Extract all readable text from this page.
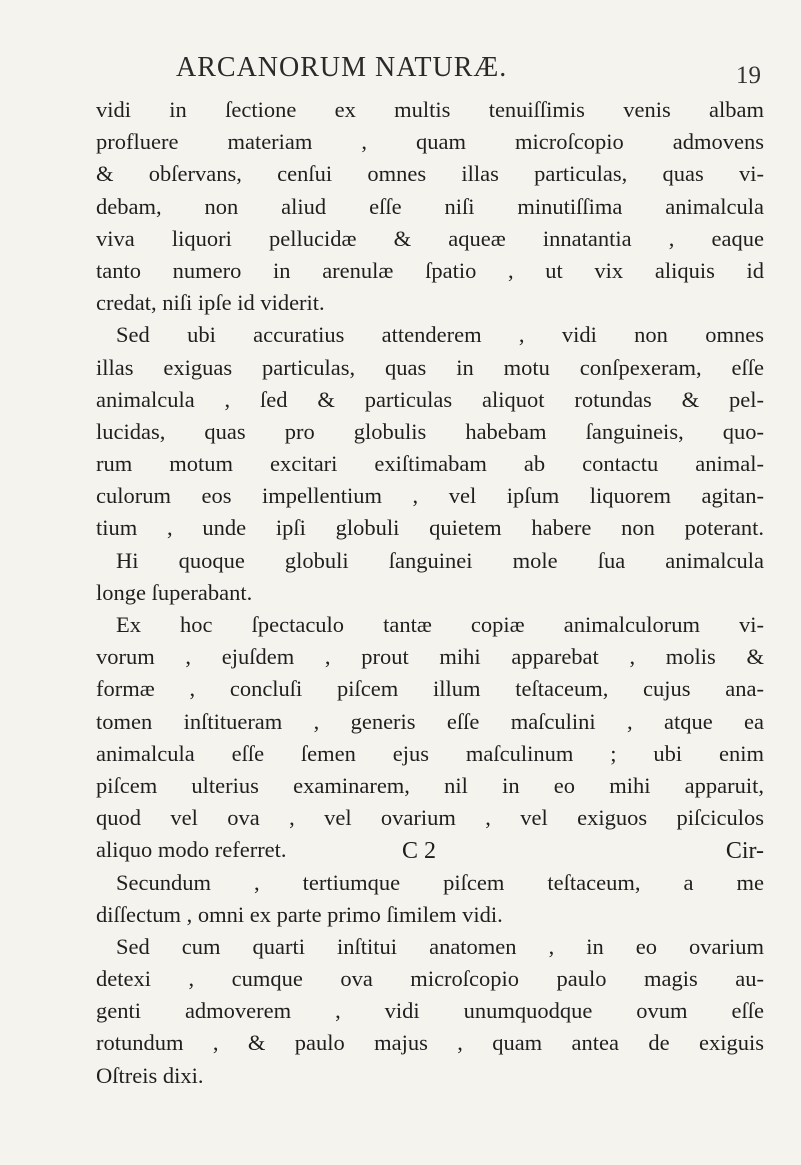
ARCANORUM NATURÆ.	19
vidi in ſectione ex multis tenuiſſimis venis albam
profluere materiam , quam microſcopio admovens
& obſervans, cenſui omnes illas particulas, quas vi-
debam, non aliud eſſe niſi minutiſſima animalcula
viva liquori pellucidæ & aqueæ innatantia , eaque
tanto numero in arenulæ ſpatio , ut vix aliquis id
credat, niſi ipſe id viderit.
Sed ubi accuratius attenderem , vidi non omnes
illas exiguas particulas, quas in motu conſpexeram, eſſe
animalcula , ſed & particulas aliquot rotundas & pel-
lucidas, quas pro globulis habebam ſanguineis, quo-
rum motum excitari exiſtimabam ab contactu animal-
culorum eos impellentium , vel ipſum liquorem agitan-
tium , unde ipſi globuli quietem habere non poterant.
Hi quoque globuli ſanguinei mole ſua animalcula
longe ſuperabant.
Ex hoc ſpectaculo tantæ copiæ animalculorum vi-
vorum , ejuſdem , prout mihi apparebat , molis &
formæ , concluſi piſcem illum teſtaceum, cujus ana-
tomen inſtitueram , generis eſſe maſculini , atque ea
animalcula eſſe ſemen ejus maſculinum ; ubi enim
piſcem ulterius examinarem, nil in eo mihi apparuit,
quod vel ova , vel ovarium , vel exiguos piſciculos
aliquo modo referret.
Secundum , tertiumque piſcem teſtaceum, a me
diſſectum , omni ex parte primo ſimilem vidi.
Sed cum quarti inſtitui anatomen , in eo ovarium
detexi , cumque ova microſcopio paulo magis au-
genti admoverem , vidi unumquodque ovum eſſe
rotundum , & paulo majus , quam antea de exiguis
Oſtreis dixi.
C 2	Cir-
